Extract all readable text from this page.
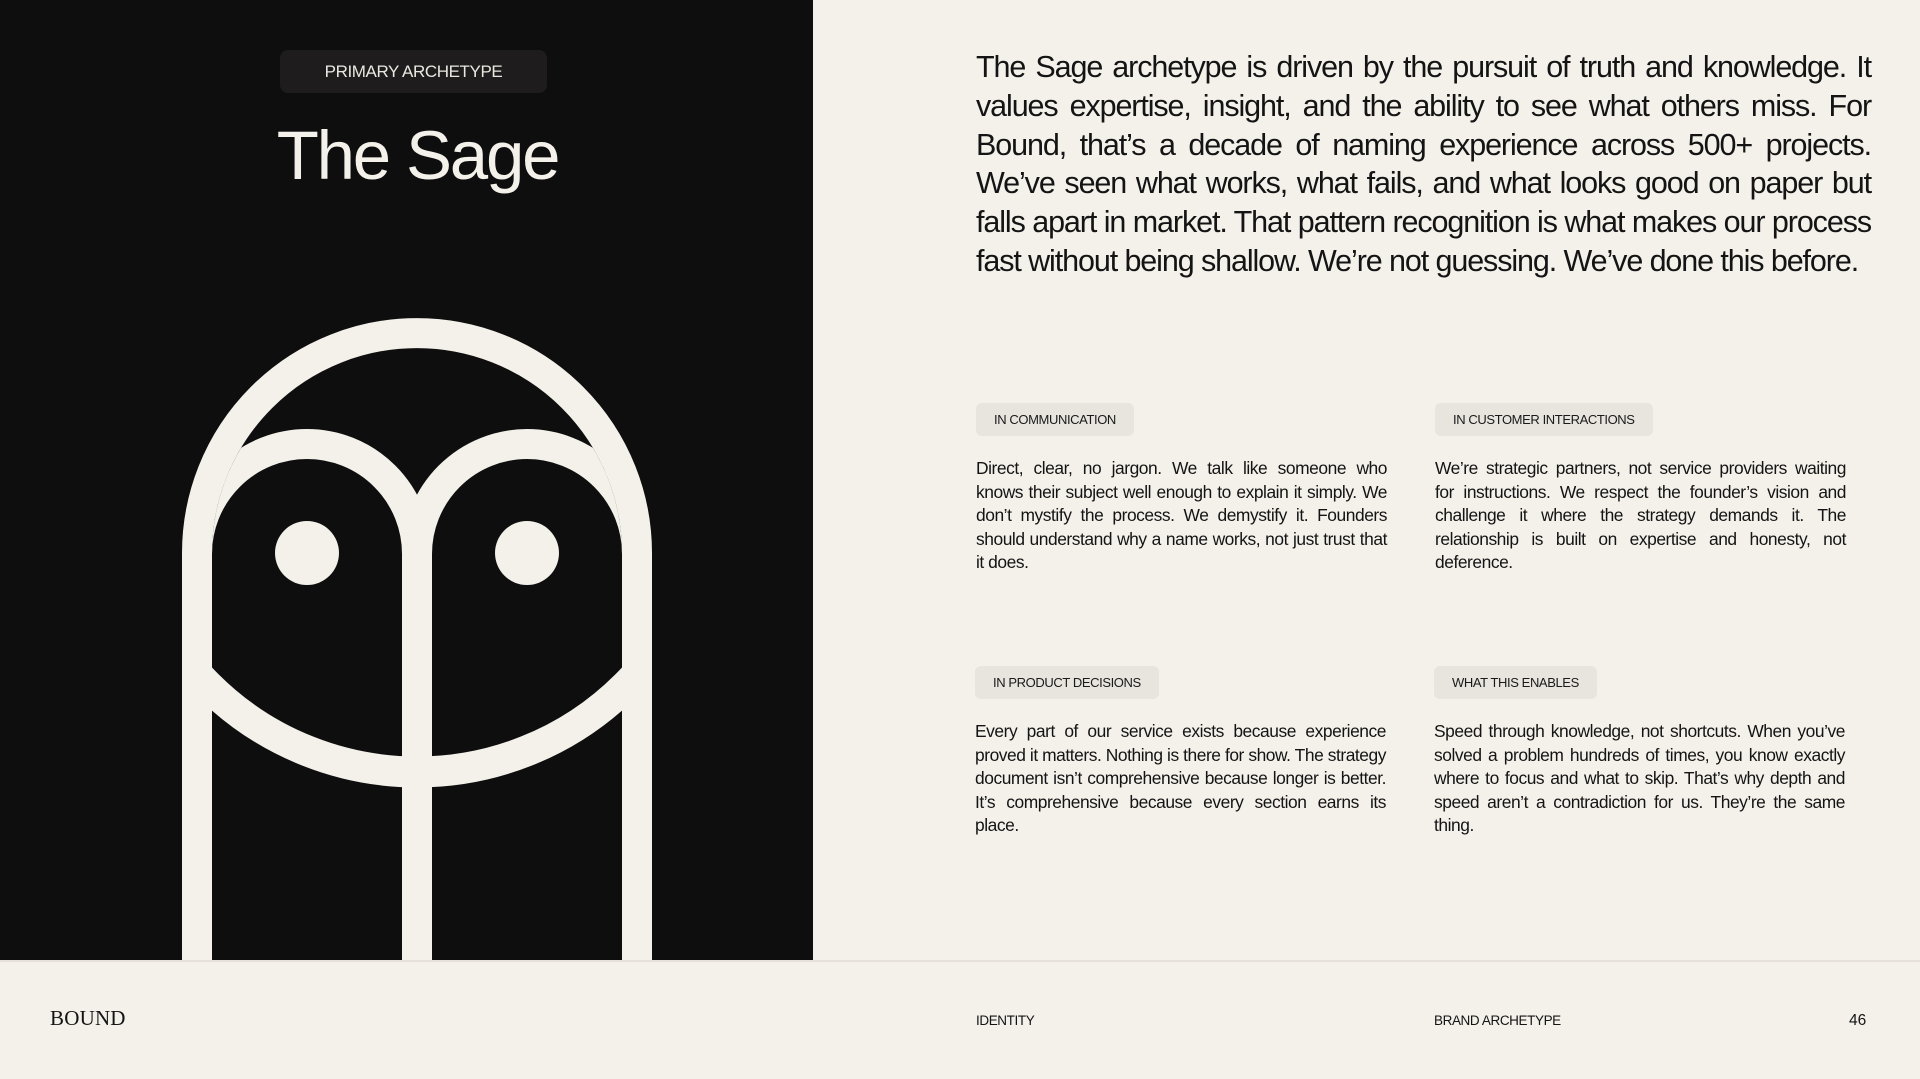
PRIMARY ARCHETYPE
The Sage

The Sage archetype is driven by the pursuit of truth and knowledge. It values expertise, insight, and the ability to see what others miss. For Bound, that’s a decade of naming experience across 500+ projects. We’ve seen what works, what fails, and what looks good on paper but falls apart in market. That pattern recognition is what makes our process fast without being shallow. We’re not guessing. We’ve done this before.

IN COMMUNICATION

Direct, clear, no jargon. We talk like someone who knows their subject well enough to explain it simply. We don’t mystify the process. We demystify it. Founders should understand why a name works, not just trust that it does.

IN CUSTOMER INTERACTIONS

We’re strategic partners, not service providers waiting for instructions. We respect the founder’s vision and challenge it where the strategy demands it. The relationship is built on expertise and honesty, not deference.

IN PRODUCT DECISIONS

Every part of our service exists because experience proved it matters. Nothing is there for show. The strategy document isn’t comprehensive because longer is better. It’s comprehensive because every section earns its place.

WHAT THIS ENABLES

Speed through knowledge, not shortcuts. When you’ve solved a problem hundreds of times, you know exactly where to focus and what to skip. That’s why depth and speed aren’t a contradiction for us. They’re the same thing.

BOUND	IDENTITY	BRAND ARCHETYPE	46
